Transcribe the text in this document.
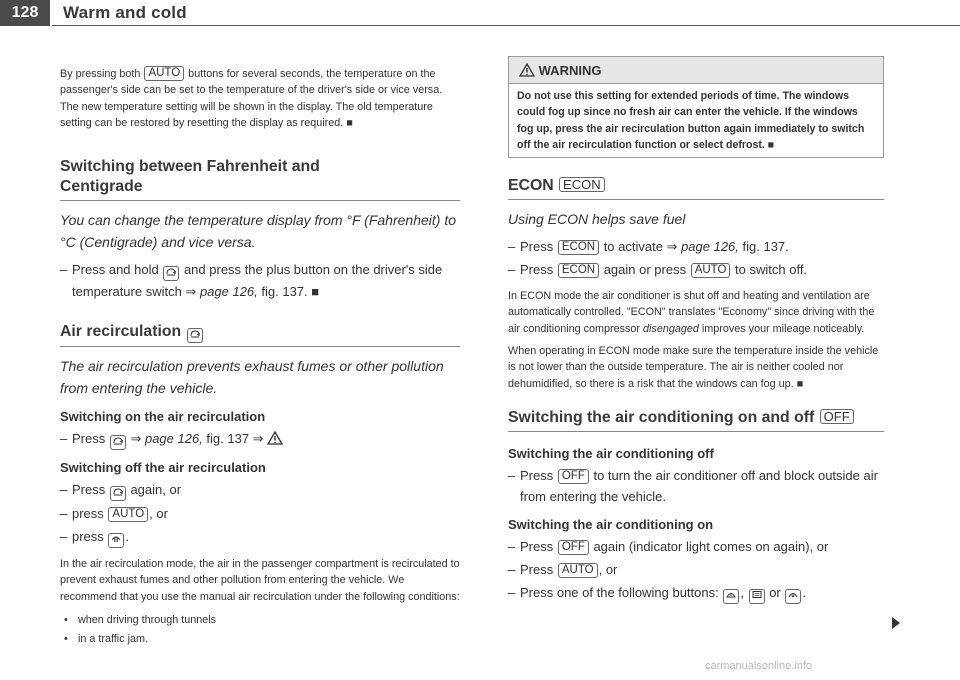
128	Warm and cold

By pressing both AUTO buttons for several seconds, the temperature on the passenger's side can be set to the temperature of the driver's side or vice versa. The new temperature setting will be shown in the display. The old temperature setting can be restored by resetting the display as required. ■

Switching between Fahrenheit and
Centigrade
You can change the temperature display from °F (Fahrenheit) to °C (Centigrade) and vice versa.
– Press and hold  and press the plus button on the driver's side temperature switch ⇒ page 126, fig. 137. ■
Air recirculation
The air recirculation prevents exhaust fumes or other pollution from entering the vehicle.
Switching on the air recirculation
– Press  ⇒ page 126, fig. 137 ⇒
Switching off the air recirculation
– Press  again, or
– press AUTO , or
– press .

In the air recirculation mode, the air in the passenger compartment is recirculated to prevent exhaust fumes and other pollution from entering the vehicle. We recommend that you use the manual air recirculation under the following conditions:

• when driving through tunnels
• in a traffic jam.
WARNING
Do not use this setting for extended periods of time. The windows could fog up since no fresh air can enter the vehicle. If the windows fog up, press the air recirculation button again immediately to switch off the air recirculation function or select defrost. ■
ECON ECON
Using ECON helps save fuel
– Press ECON to activate ⇒ page 126, fig. 137.
– Press ECON again or press AUTO to switch off.

In ECON mode the air conditioner is shut off and heating and ventilation are automatically controlled. "ECON" translates "Economy" since driving with the air conditioning compressor disengaged improves your mileage noticeably.

When operating in ECON mode make sure the temperature inside the vehicle is not lower than the outside temperature. The air is neither cooled nor dehumidified, so there is a risk that the windows can fog up. ■

Switching the air conditioning on and off OFF
Switching the air conditioning off
– Press OFF to turn the air conditioner off and block outside air from entering the vehicle.
Switching the air conditioning on
– Press OFF again (indicator light comes on again), or
– Press AUTO , or
– Press one of the following buttons: ,  or .
carmanualsonline.info
